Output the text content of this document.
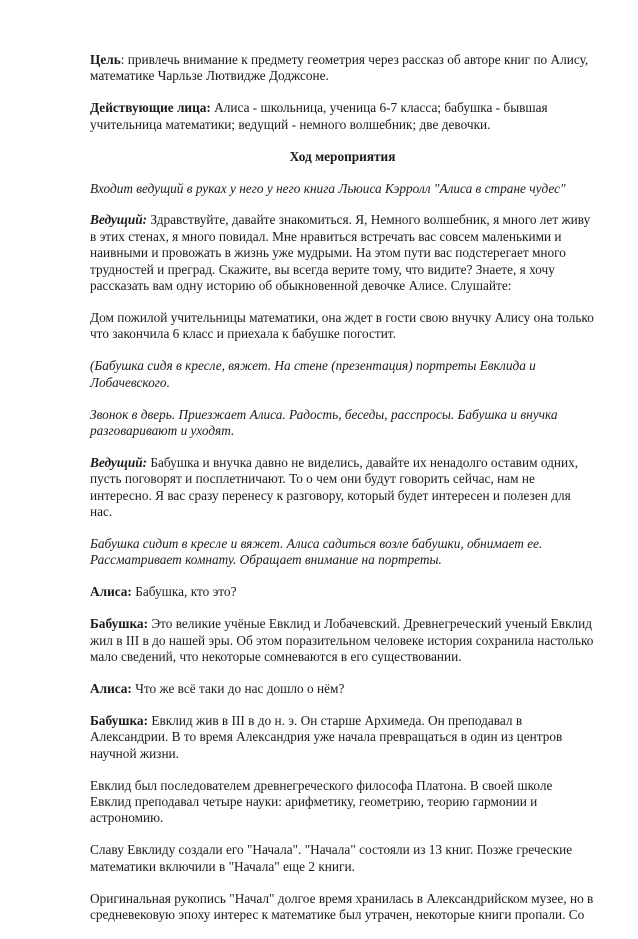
Цель: привлечь внимание к предмету геометрия через рассказ об авторе книг по Алису, математике Чарльзе Лютвидже Доджсоне.

Действующие лица: Алиса - школьница, ученица 6-7 класса; бабушка - бывшая учительница математики; ведущий - немного волшебник; две девочки.

Ход мероприятия

Входит ведущий в руках у него у него книга Льюиса Кэрролл "Алиса в стране чудес"

Ведущий: Здравствуйте, давайте знакомиться. Я, Немного волшебник, я много лет живу в этих стенах, я много повидал. Мне нравиться встречать вас совсем маленькими и наивными и провожать в жизнь уже мудрыми. На этом пути вас подстерегает много трудностей и преград. Скажите, вы всегда верите тому, что видите? Знаете, я хочу рассказать вам одну историю об обыкновенной девочке Алисе. Слушайте:

Дом пожилой учительницы математики, она ждет в гости свою внучку Алису она только что закончила 6 класс и приехала к бабушке погостит.

(Бабушка сидя в кресле, вяжет. На стене (презентация) портреты Евклида и Лобачевского.

Звонок в дверь. Приезжает Алиса. Радость, беседы, расспросы. Бабушка и внучка разговаривают и уходят.

Ведущий: Бабушка и внучка давно не виделись, давайте их ненадолго оставим одних, пусть поговорят и посплетничают. То о чем они будут говорить сейчас, нам не интересно. Я вас сразу перенесу к разговору, который будет интересен и полезен для нас.

Бабушка сидит в кресле и вяжет. Алиса садиться возле бабушки, обнимает ее. Рассматривает комнату. Обращает внимание на портреты.

Алиса: Бабушка, кто это?

Бабушка: Это великие учёные Евклид и Лобачевский. Древнегреческий ученый Евклид жил в III в до нашей эры. Об этом поразительном человеке история сохранила настолько мало сведений, что некоторые сомневаются в его существовании.

Алиса: Что же всё таки до нас дошло о нём?

Бабушка: Евклид жив в III в до н. э. Он старше Архимеда. Он преподавал в Александрии. В то время Александрия уже начала превращаться в один из центров научной жизни.

Евклид был последователем древнегреческого философа Платона. В своей школе Евклид преподавал четыре науки: арифметику, геометрию, теорию гармонии и астрономию.

Славу Евклиду создали его "Начала". "Начала" состояли из 13 книг. Позже греческие математики включили в "Начала" еще 2 книги.

Оригинальная рукопись "Начал" долгое время хранилась в Александрийском музее, но в средневековую эпоху интерес к математике был утрачен, некоторые книги пропали. Со
